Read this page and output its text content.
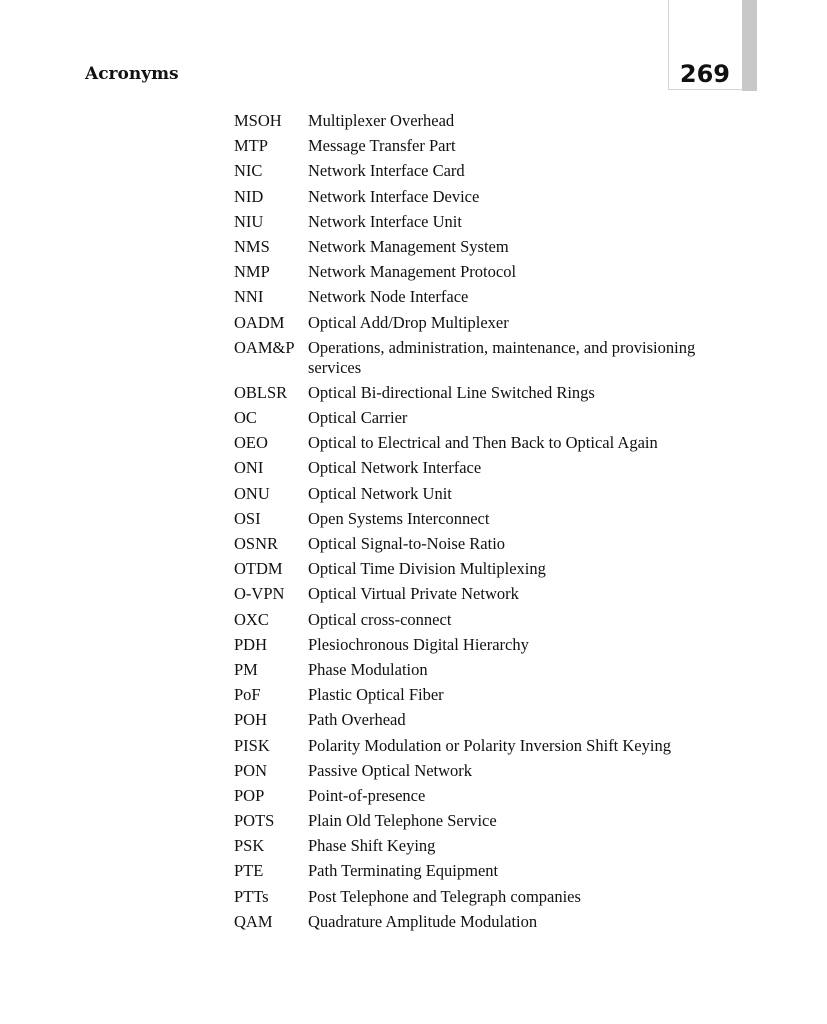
Acronyms	269
MSOH	Multiplexer Overhead
MTP	Message Transfer Part
NIC	Network Interface Card
NID	Network Interface Device
NIU	Network Interface Unit
NMS	Network Management System
NMP	Network Management Protocol
NNI	Network Node Interface
OADM	Optical Add/Drop Multiplexer
OAM&P Operations, administration, maintenance, and provisioning services
OBLSR	Optical Bi-directional Line Switched Rings
OC	Optical Carrier
OEO	Optical to Electrical and Then Back to Optical Again
ONI	Optical Network Interface
ONU	Optical Network Unit
OSI	Open Systems Interconnect
OSNR	Optical Signal-to-Noise Ratio
OTDM	Optical Time Division Multiplexing
O-VPN	Optical Virtual Private Network
OXC	Optical cross-connect
PDH	Plesiochronous Digital Hierarchy
PM	Phase Modulation
PoF	Plastic Optical Fiber
POH	Path Overhead
PISK	Polarity Modulation or Polarity Inversion Shift Keying
PON	Passive Optical Network
POP	Point-of-presence
POTS	Plain Old Telephone Service
PSK	Phase Shift Keying
PTE	Path Terminating Equipment
PTTs	Post Telephone and Telegraph companies
QAM	Quadrature Amplitude Modulation
